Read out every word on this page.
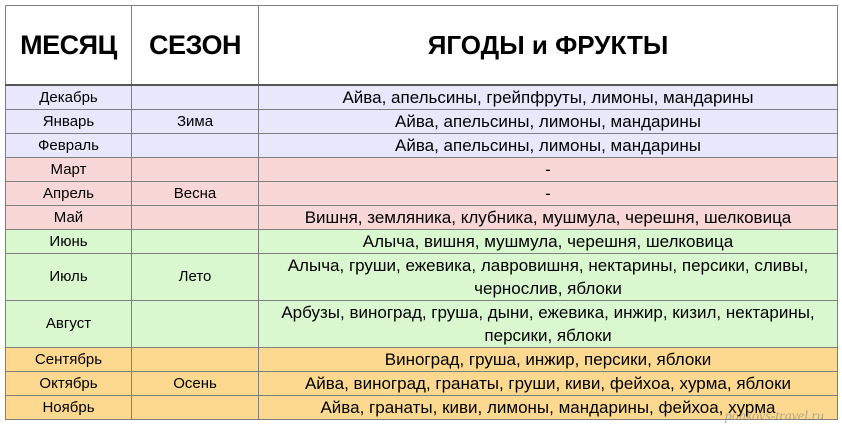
МЕСЯЦ	СЕЗОН	ЯГОДЫ и ФРУКТЫ
Декабрь		Айва, апельсины, грейпфруты, лимоны, мандарины
Январь	Зима	Айва, апельсины, лимоны, мандарины
Февраль		Айва, апельсины, лимоны, мандарины
Март		-
Апрель	Весна	-
Май		Вишня, земляника, клубника, мушмула, черешня, шелковица
Июнь		Алыча, вишня, мушмула, черешня, шелковица
Июль	Лето	Алыча, груши, ежевика, лавровишня, нектарины, персики, сливы, чернослив, яблоки
Август		Арбузы, виноград, груша, дыни, ежевика, инжир, кизил, нектарины, персики, яблоки
Сентябрь		Виноград, груша, инжир, персики, яблоки
Октябрь	Осень	Айва, виноград, гранаты, груши, киви, фейхоа, хурма, яблоки
Ноябрь		Айва, гранаты, киви, лимоны, мандарины, фейхоа, хурма
ponkovs-travel.ru
